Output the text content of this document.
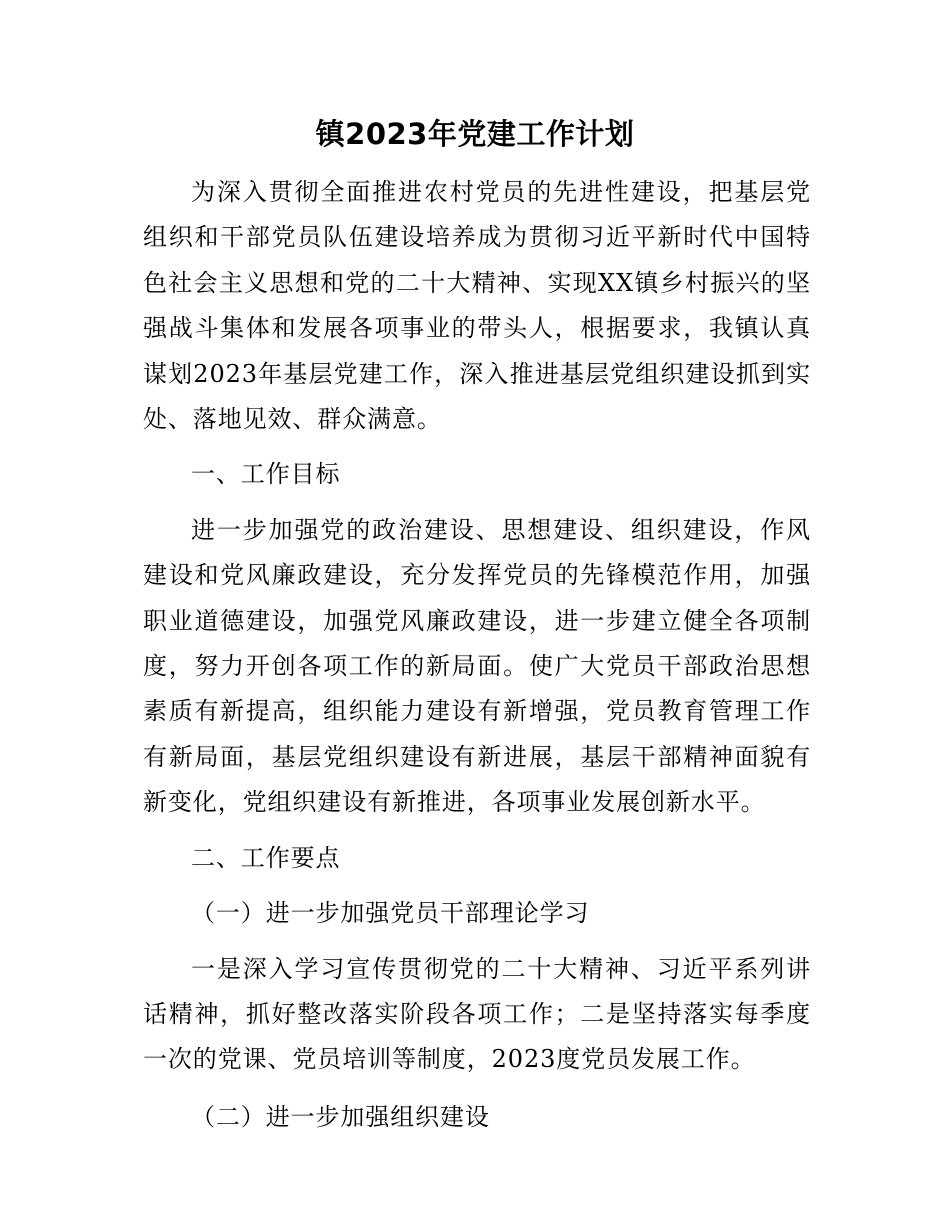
镇2023年党建工作计划

为深入贯彻全面推进农村党员的先进性建设，把基层党组织和干部党员队伍建设培养成为贯彻习近平新时代中国特色社会主义思想和党的二十大精神、实现XX镇乡村振兴的坚强战斗集体和发展各项事业的带头人，根据要求，我镇认真谋划2023年基层党建工作，深入推进基层党组织建设抓到实处、落地见效、群众满意。

一、工作目标

进一步加强党的政治建设、思想建设、组织建设，作风建设和党风廉政建设，充分发挥党员的先锋模范作用，加强职业道德建设，加强党风廉政建设，进一步建立健全各项制度，努力开创各项工作的新局面。使广大党员干部政治思想素质有新提高，组织能力建设有新增强，党员教育管理工作有新局面，基层党组织建设有新进展，基层干部精神面貌有新变化，党组织建设有新推进，各项事业发展创新水平。

二、工作要点

（一）进一步加强党员干部理论学习

一是深入学习宣传贯彻党的二十大精神、习近平系列讲话精神，抓好整改落实阶段各项工作；二是坚持落实每季度一次的党课、党员培训等制度，2023度党员发展工作。

（二）进一步加强组织建设
